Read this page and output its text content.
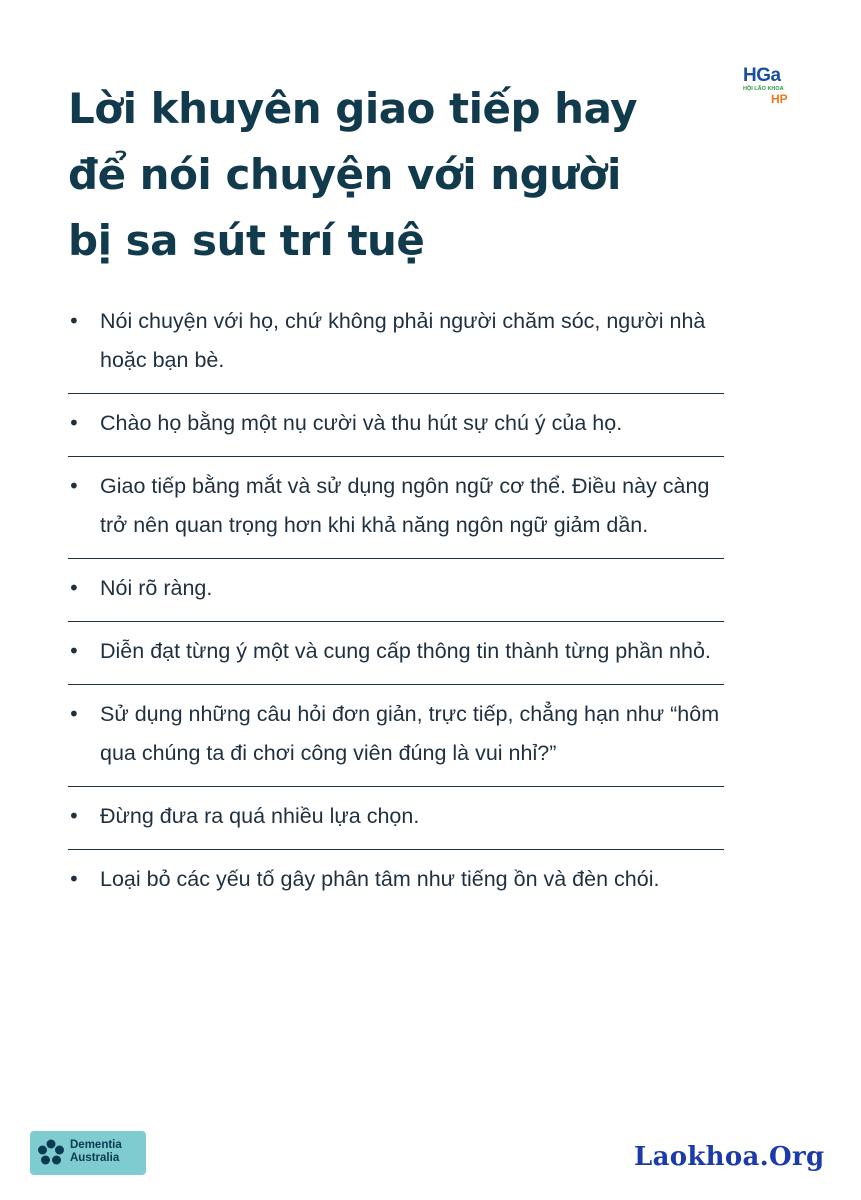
Lời khuyên giao tiếp hay
để nói chuyện với người
bị sa sút trí tuệ
HGa
HỘI LÃO KHOA
HP
• Nói chuyện với họ, chứ không phải người chăm sóc, người nhà hoặc bạn bè.
• Chào họ bằng một nụ cười và thu hút sự chú ý của họ.
• Giao tiếp bằng mắt và sử dụng ngôn ngữ cơ thể. Điều này càng trở nên quan trọng hơn khi khả năng ngôn ngữ giảm dần.
• Nói rõ ràng.
• Diễn đạt từng ý một và cung cấp thông tin thành từng phần nhỏ.
• Sử dụng những câu hỏi đơn giản, trực tiếp, chẳng hạn như “hôm qua chúng ta đi chơi công viên đúng là vui nhỉ?”
• Đừng đưa ra quá nhiều lựa chọn.
• Loại bỏ các yếu tố gây phân tâm như tiếng ồn và đèn chói.
Dementia
Australia	Laokhoa.Org
